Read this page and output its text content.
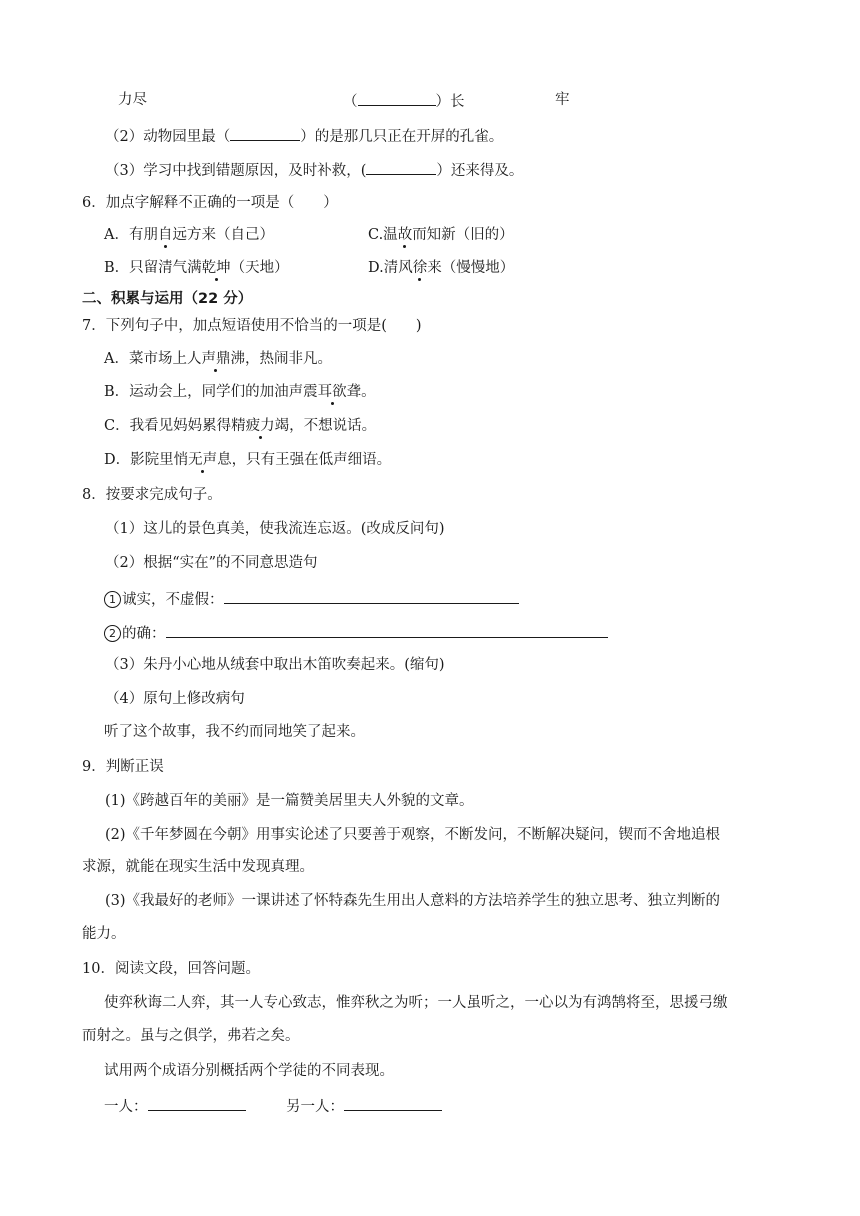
力尽	（	）长	牢
（2）动物园里最（	）的是那几只正在开屏的孔雀。
（3）学习中找到错题原因，及时补救，(	）还来得及。
6．加点字解释不正确的一项是（　　）
A．有朋自远方来（自己）	C.温故而知新（旧的）
B．只留清气满乾坤（天地）	D.清风徐来（慢慢地）
二、积累与运用（22 分）
7．下列句子中，加点短语使用不恰当的一项是(　　)
A．菜市场上人声鼎沸，热闹非凡。
B．运动会上，同学们的加油声震耳欲聋。
C．我看见妈妈累得精疲力竭，不想说话。
D．影院里悄无声息，只有王强在低声细语。
8．按要求完成句子。
（1）这儿的景色真美，使我流连忘返。(改成反问句)
（2）根据“实在”的不同意思造句
1 诚实，不虚假：
2 的确：
（3）朱丹小心地从绒套中取出木笛吹奏起来。(缩句)
（4）原句上修改病句
听了这个故事，我不约而同地笑了起来。
9．判断正误
(1)《跨越百年的美丽》是一篇赞美居里夫人外貌的文章。
(2)《千年梦圆在今朝》用事实论述了只要善于观察，不断发问，不断解决疑问，锲而不舍地追根
求源，就能在现实生活中发现真理。
(3)《我最好的老师》一课讲述了怀特森先生用出人意料的方法培养学生的独立思考、独立判断的
能力。
10．阅读文段，回答问题。
使弈秋诲二人弈，其一人专心致志，惟弈秋之为听；一人虽听之，一心以为有鸿鹄将至，思援弓缴
而射之。虽与之俱学，弗若之矣。
试用两个成语分别概括两个学徒的不同表现。
一人：	另一人：
